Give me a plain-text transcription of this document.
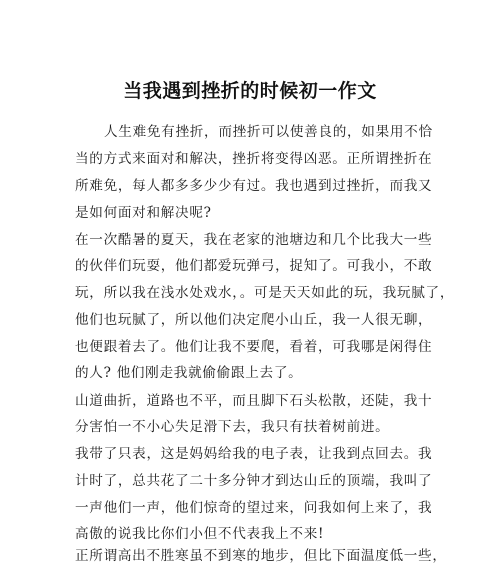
当我遇到挫折的时候初一作文
人生难免有挫折，而挫折可以使善良的，如果用不恰
当的方式来面对和解决，挫折将变得凶恶。正所谓挫折在
所难免，每人都多多少少有过。我也遇到过挫折，而我又
是如何面对和解决呢?
在一次酷暑的夏天，我在老家的池塘边和几个比我大一些
的伙伴们玩耍，他们都爱玩弹弓，捉知了。可我小，不敢
玩，所以我在浅水处戏水，。可是天天如此的玩，我玩腻了，
他们也玩腻了，所以他们决定爬小山丘，我一人很无聊，
也便跟着去了。他们让我不要爬，看着，可我哪是闲得住
的人? 他们刚走我就偷偷跟上去了。
山道曲折，道路也不平，而且脚下石头松散，还陡，我十
分害怕一不小心失足滑下去，我只有扶着树前进。
我带了只表，这是妈妈给我的电子表，让我到点回去。我
计时了，总共花了二十多分钟才到达山丘的顶端，我叫了
一声他们一声，他们惊奇的望过来，问我如何上来了，我
高傲的说我比你们小但不代表我上不来!
正所谓高出不胜寒虽不到寒的地步，但比下面温度低一些，
